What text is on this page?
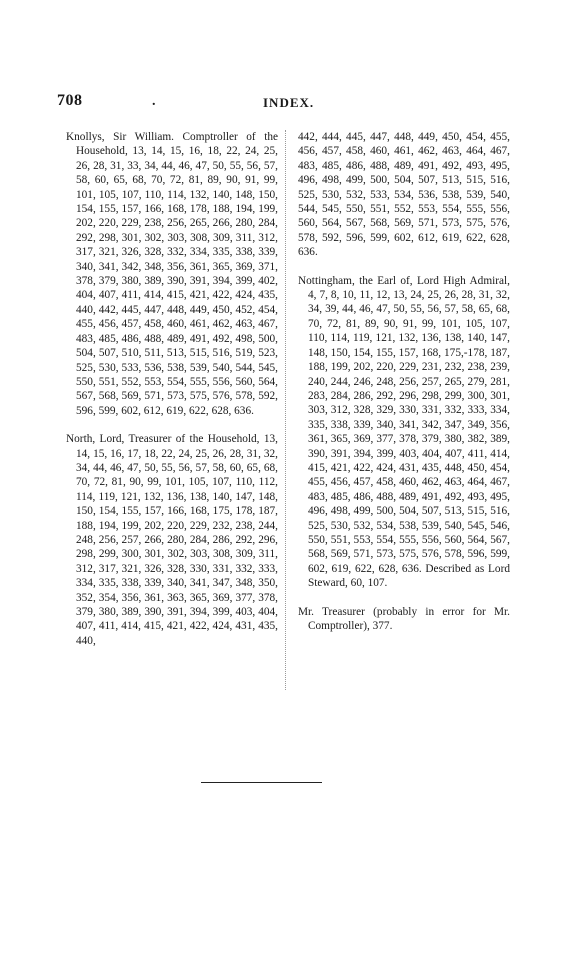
708	.	INDEX.

Knollys, Sir William. Comptroller of the Household, 13, 14, 15, 16, 18, 22, 24, 25, 26, 28, 31, 33, 34, 44, 46, 47, 50, 55, 56, 57, 58, 60, 65, 68, 70, 72, 81, 89, 90, 91, 99, 101, 105, 107, 110, 114, 132, 140, 148, 150, 154, 155, 157, 166, 168, 178, 188, 194, 199, 202, 220, 229, 238, 256, 265, 266, 280, 284, 292, 298, 301, 302, 303, 308, 309, 311, 312, 317, 321, 326, 328, 332, 334, 335, 338, 339, 340, 341, 342, 348, 356, 361, 365, 369, 371, 378, 379, 380, 389, 390, 391, 394, 399, 402, 404, 407, 411, 414, 415, 421, 422, 424, 435, 440, 442, 445, 447, 448, 449, 450, 452, 454, 455, 456, 457, 458, 460, 461, 462, 463, 467, 483, 485, 486, 488, 489, 491, 492, 498, 500, 504, 507, 510, 511, 513, 515, 516, 519, 523, 525, 530, 533, 536, 538, 539, 540, 544, 545, 550, 551, 552, 553, 554, 555, 556, 560, 564, 567, 568, 569, 571, 573, 575, 576, 578, 592, 596, 599, 602, 612, 619, 622, 628, 636.

North, Lord, Treasurer of the Household, 13, 14, 15, 16, 17, 18, 22, 24, 25, 26, 28, 31, 32, 34, 44, 46, 47, 50, 55, 56, 57, 58, 60, 65, 68, 70, 72, 81, 90, 99, 101, 105, 107, 110, 112, 114, 119, 121, 132, 136, 138, 140, 147, 148, 150, 154, 155, 157, 166, 168, 175, 178, 187, 188, 194, 199, 202, 220, 229, 232, 238, 244, 248, 256, 257, 266, 280, 284, 286, 292, 296, 298, 299, 300, 301, 302, 303, 308, 309, 311, 312, 317, 321, 326, 328, 330, 331, 332, 333, 334, 335, 338, 339, 340, 341, 347, 348, 350, 352, 354, 356, 361, 363, 365, 369, 377, 378, 379, 380, 389, 390, 391, 394, 399, 403, 404, 407, 411, 414, 415, 421, 422, 424, 431, 435, 440,

442, 444, 445, 447, 448, 449, 450, 454, 455, 456, 457, 458, 460, 461, 462, 463, 464, 467, 483, 485, 486, 488, 489, 491, 492, 493, 495, 496, 498, 499, 500, 504, 507, 513, 515, 516, 525, 530, 532, 533, 534, 536, 538, 539, 540, 544, 545, 550, 551, 552, 553, 554, 555, 556, 560, 564, 567, 568, 569, 571, 573, 575, 576, 578, 592, 596, 599, 602, 612, 619, 622, 628, 636.

Nottingham, the Earl of, Lord High Admiral, 4, 7, 8, 10, 11, 12, 13, 24, 25, 26, 28, 31, 32, 34, 39, 44, 46, 47, 50, 55, 56, 57, 58, 65, 68, 70, 72, 81, 89, 90, 91, 99, 101, 105, 107, 110, 114, 119, 121, 132, 136, 138, 140, 147, 148, 150, 154, 155, 157, 168, 175,-178, 187, 188, 199, 202, 220, 229, 231, 232, 238, 239, 240, 244, 246, 248, 256, 257, 265, 279, 281, 283, 284, 286, 292, 296, 298, 299, 300, 301, 303, 312, 328, 329, 330, 331, 332, 333, 334, 335, 338, 339, 340, 341, 342, 347, 349, 356, 361, 365, 369, 377, 378, 379, 380, 382, 389, 390, 391, 394, 399, 403, 404, 407, 411, 414, 415, 421, 422, 424, 431, 435, 448, 450, 454, 455, 456, 457, 458, 460, 462, 463, 464, 467, 483, 485, 486, 488, 489, 491, 492, 493, 495, 496, 498, 499, 500, 504, 507, 513, 515, 516, 525, 530, 532, 534, 538, 539, 540, 545, 546, 550, 551, 553, 554, 555, 556, 560, 564, 567, 568, 569, 571, 573, 575, 576, 578, 596, 599, 602, 619, 622, 628, 636. Described as Lord Steward, 60, 107.

Mr. Treasurer (probably in error for Mr. Comptroller), 377.
